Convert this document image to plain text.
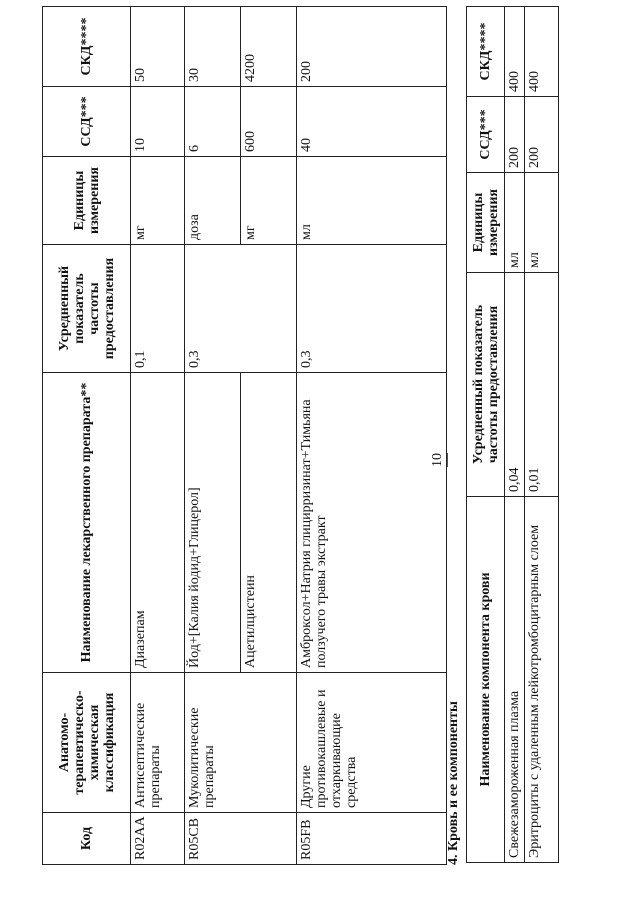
10
Код	Анатомо-терапевтическо-химическая классификация	Наименование лекарственного препарата**	Усредненный показатель частоты предоставления	Единицы измерения	ССД***	СКД****
R02AA	Антисептические препараты	Диазепам	0,1	мг	10	50
R05CB	Муколитические препараты	Йод+[Калия йодид+Глицерол]	0,3	доза	6	30
		Ацетилцистеин		мг	600	4200
R05FB	Другие противокашлевые и отхаркивающие средства	Амброксол+Натрия глицирризинат+Тимьяна ползучего травы экстракт	0,3	мл	40	200
4. Кровь и ее компоненты Наименование компонента крови	Усредненный показатель частоты предоставления	Единицы измерения	ССД***	СКД****
Свежезамороженная плазма	0,04	мл	200	400
Эритроциты с удаленным лейкотромбоцитарным слоем	0,01	мл	200	400
